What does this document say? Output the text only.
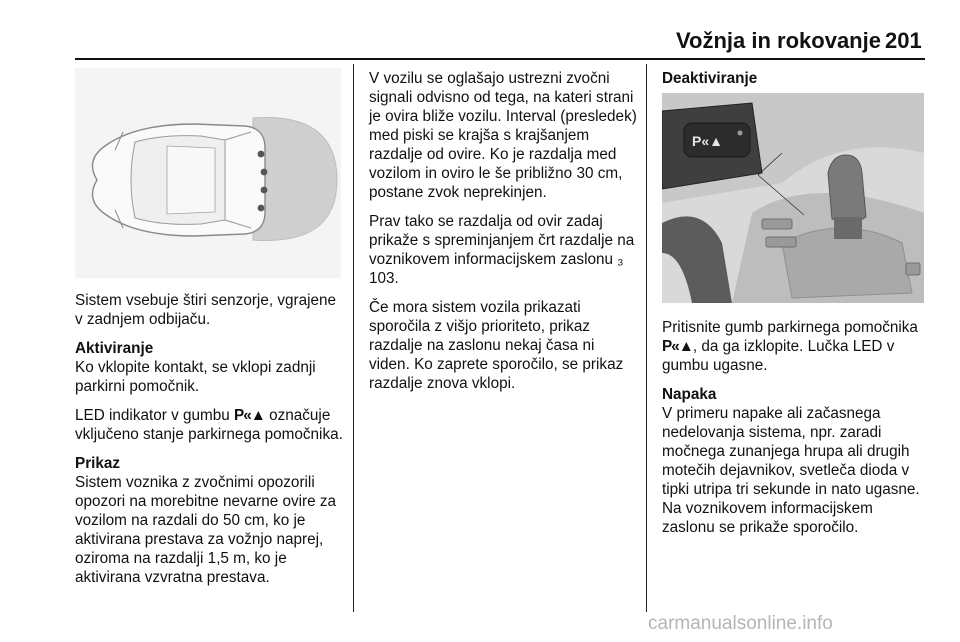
Vožnja in rokovanje 201

Sistem vsebuje štiri senzorje, vgrajene v zadnjem odbijaču.

Aktiviranje

Ko vklopite kontakt, se vklopi zadnji parkirni pomočnik.

LED indikator v gumbu P«▲ označuje vključeno stanje parkirnega pomočnika.

Prikaz

Sistem voznika z zvočnimi opozorili opozori na morebitne nevarne ovire za vozilom na razdali do 50 cm, ko je aktivirana prestava za vožnjo naprej, oziroma na razdalji 1,5 m, ko je aktivirana vzvratna prestava.

V vozilu se oglašajo ustrezni zvočni signali odvisno od tega, na kateri strani je ovira bliže vozilu. Interval (presledek) med piski se krajša s krajšanjem razdalje od ovire. Ko je razdalja med vozilom in oviro le še približno 30 cm, postane zvok neprekinjen.

Prav tako se razdalja od ovir zadaj prikaže s spreminjanjem črt razdalje na voznikovem informacijskem zaslonu ₃ 103.

Če mora sistem vozila prikazati sporočila z višjo prioriteto, prikaz razdalje na zaslonu nekaj časa ni viden. Ko zaprete sporočilo, se prikaz razdalje znova vklopi.

Deaktiviranje
P«▲

Pritisnite gumb parkirnega pomočnika P«▲, da ga izklopite. Lučka LED v gumbu ugasne.

Napaka

V primeru napake ali začasnega nedelovanja sistema, npr. zaradi močnega zunanjega hrupa ali drugih motečih dejavnikov, svetleča dioda v tipki utripa tri sekunde in nato ugasne. Na voznikovem informacijskem zaslonu se prikaže sporočilo.

carmanualsonline.info
